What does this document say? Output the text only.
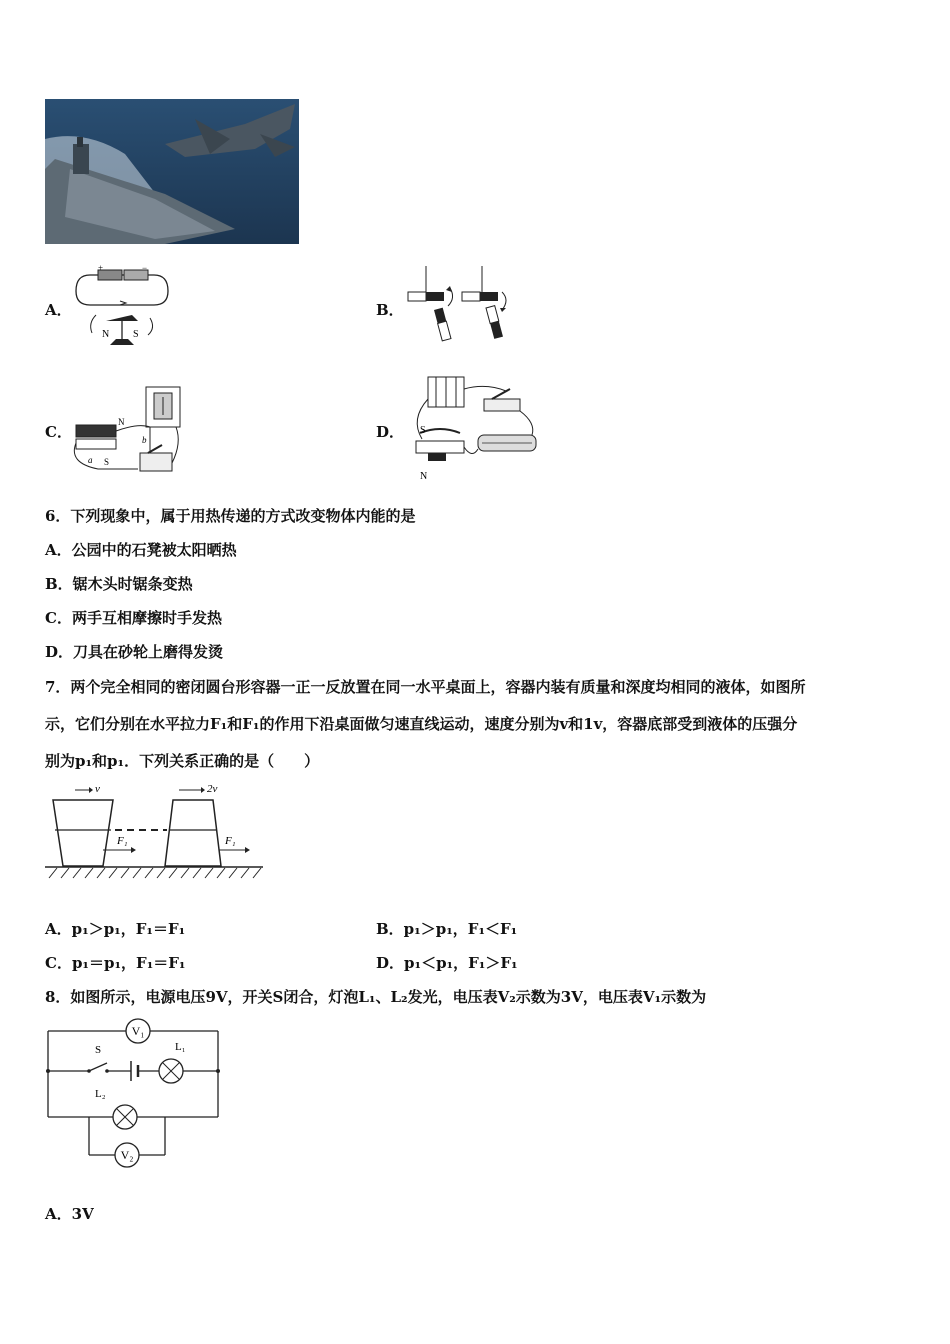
A．
+	−
N S
B．
C．
N
S
a
b	D． S
N
6．下列现象中，属于用热传递的方式改变物体内能的是
A．公园中的石凳被太阳晒热
B．锯木头时锯条变热
C．两手互相摩擦时手发热
D．刀具在砂轮上磨得发烫
7．两个完全相同的密闭圆台形容器一正一反放置在同一水平桌面上，容器内装有质量和深度均相同的液体，如图所
示，它们分别在水平拉力F₁和F₁的作用下沿桌面做匀速直线运动，速度分别为v和1v，容器底部受到液体的压强分
别为p₁和p₁．下列关系正确的是（　　）
v	2v
F₁	F₁
A．p₁＞p₁，F₁＝F₁	B．p₁＞p₁，F₁＜F₁
C．p₁＝p₁，F₁＝F₁	D．p₁＜p₁，F₁＞F₁
8．如图所示，电源电压9V，开关S闭合，灯泡L₁、L₂发光，电压表V₂示数为3V，电压表V₁示数为
V₁
S	L₁
L₂
V₂
A．3V
